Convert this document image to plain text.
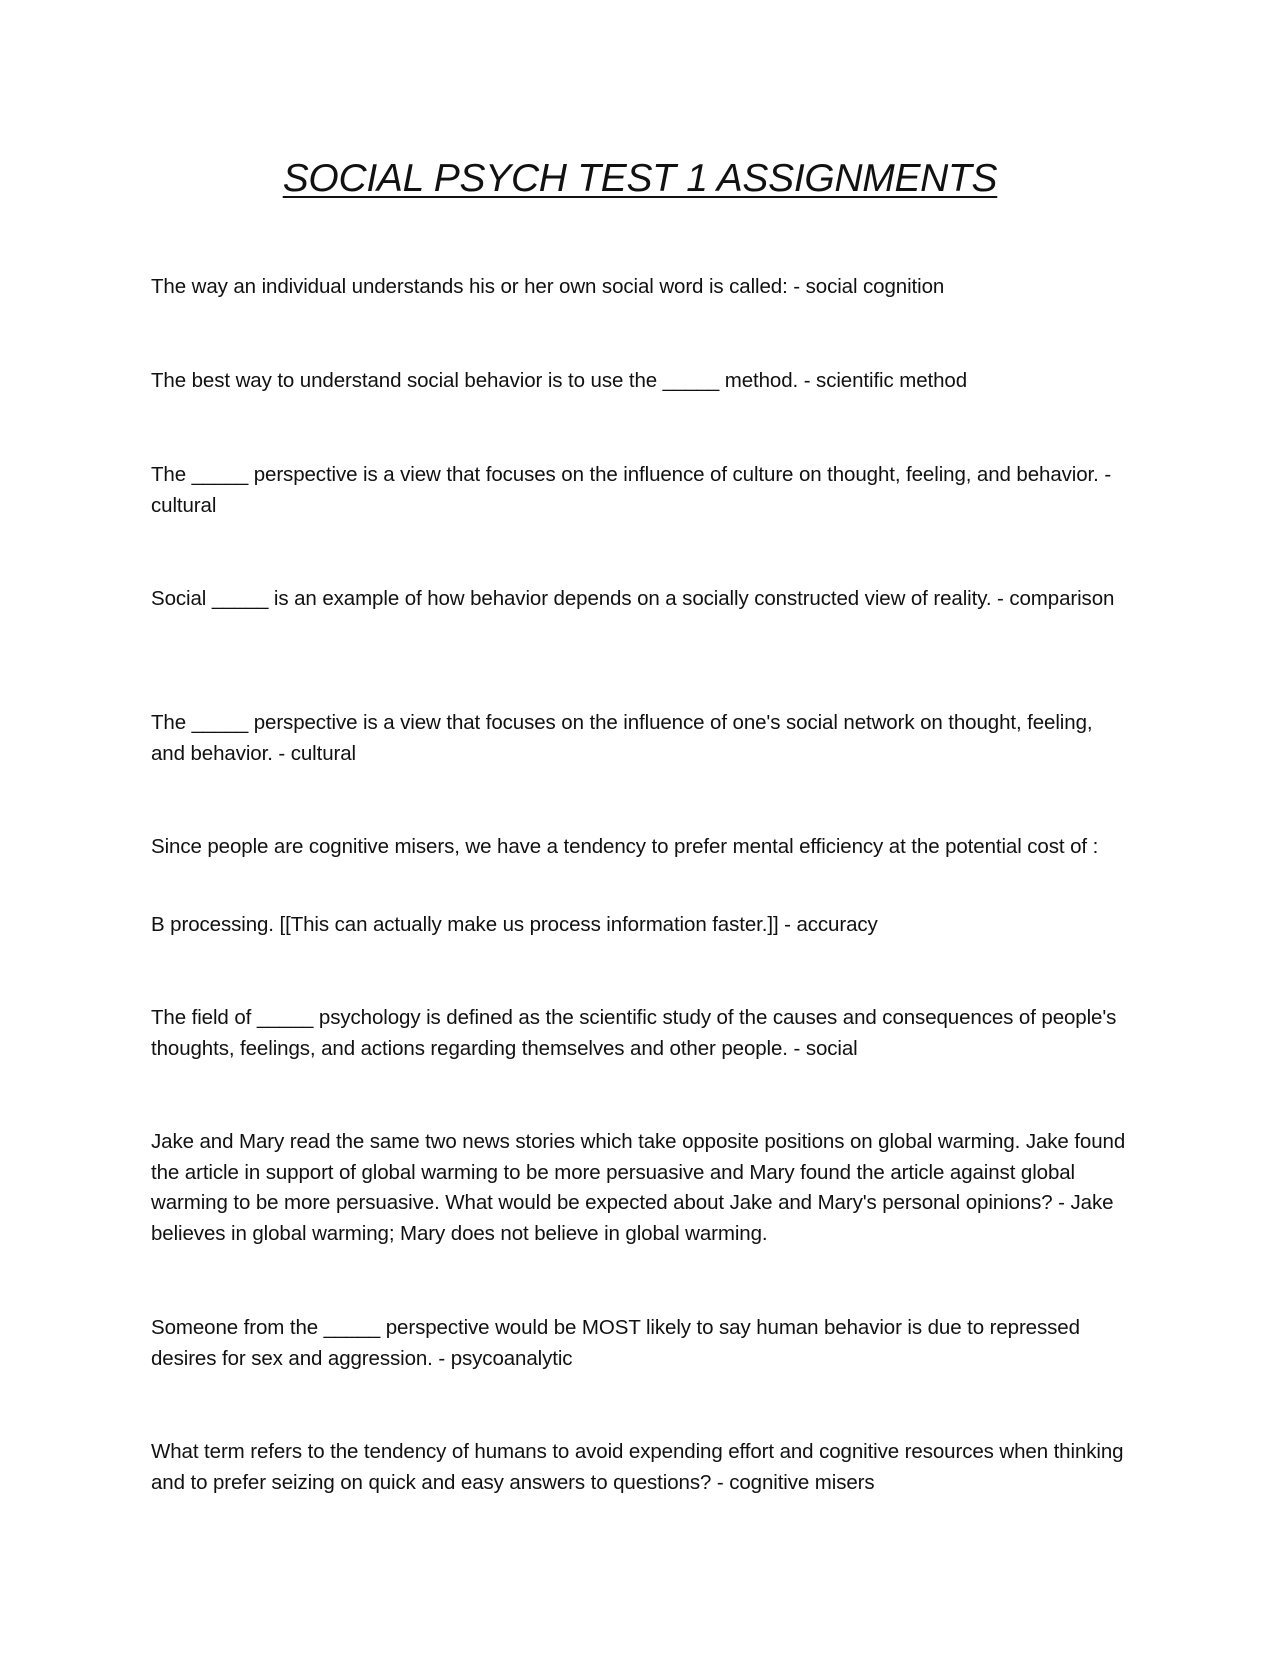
SOCIAL PSYCH TEST 1 ASSIGNMENTS

The way an individual understands his or her own social word is called: - social cognition

The best way to understand social behavior is to use the _____ method. - scientific method

The _____ perspective is a view that focuses on the influence of culture on thought, feeling, and behavior. - cultural

Social _____ is an example of how behavior depends on a socially constructed view of reality. - comparison

The _____ perspective is a view that focuses on the influence of one's social network on thought, feeling, and behavior. - cultural

Since people are cognitive misers, we have a tendency to prefer mental efficiency at the potential cost of :

B processing. [[This can actually make us process information faster.]] - accuracy

The field of _____ psychology is defined as the scientific study of the causes and consequences of people's thoughts, feelings, and actions regarding themselves and other people. - social

Jake and Mary read the same two news stories which take opposite positions on global warming. Jake found the article in support of global warming to be more persuasive and Mary found the article against global warming to be more persuasive. What would be expected about Jake and Mary's personal opinions? - Jake believes in global warming; Mary does not believe in global warming.

Someone from the _____ perspective would be MOST likely to say human behavior is due to repressed desires for sex and aggression. - psycoanalytic

What term refers to the tendency of humans to avoid expending effort and cognitive resources when thinking and to prefer seizing on quick and easy answers to questions? - cognitive misers
